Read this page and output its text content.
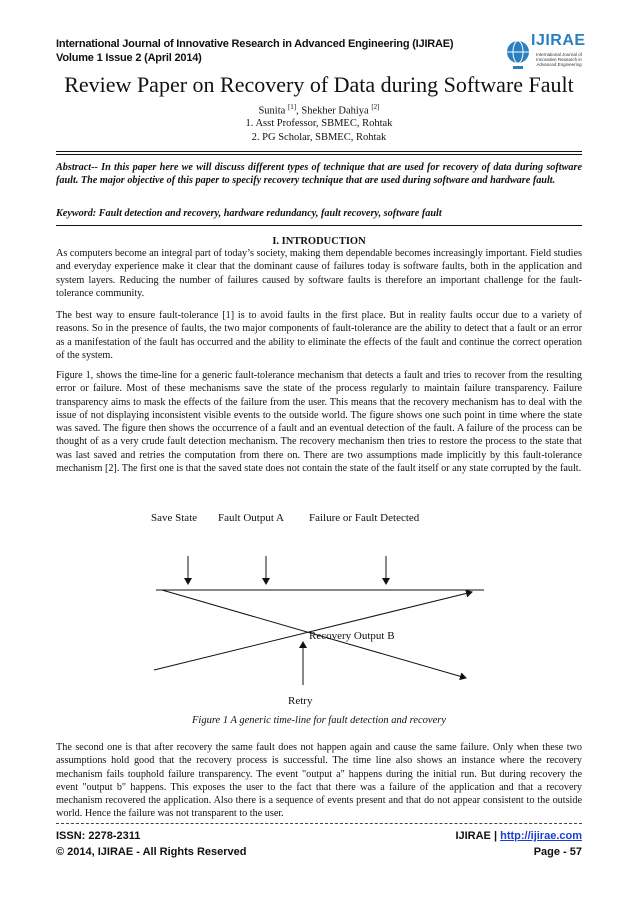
International Journal of Innovative Research in Advanced Engineering (IJIRAE)
Volume 1 Issue 2 (April 2014)
IJIRAE
International Journal of Innovative Research in Advanced Engineering
Review Paper on Recovery of Data during Software Fault
Sunita [1], Shekher Dahiya [2]
1. Asst Professor, SBMEC, Rohtak
2. PG Scholar, SBMEC, Rohtak
Abstract-- In this paper here we will discuss different types of technique that are used for recovery of data during software fault. The major objective of this paper to specify recovery technique that are used during software and hardware fault.
Keyword: Fault detection and recovery, hardware redundancy, fault recovery, software fault
I. INTRODUCTION
As computers become an integral part of today’s society, making them dependable becomes increasingly important. Field studies and everyday experience make it clear that the dominant cause of failures today is software faults, both in the application and system layers. Reducing the number of failures caused by software faults is therefore an important challenge for the fault-tolerance community.
The best way to ensure fault-tolerance [1] is to avoid faults in the first place. But in reality faults occur due to a variety of reasons. So in the presence of faults, the two major components of fault-tolerance are the ability to detect that a fault or an error as a manifestation of the fault has occurred and the ability to eliminate the effects of the fault and continue the correct operation of the system.
Figure 1, shows the time-line for a generic fault-tolerance mechanism that detects a fault and tries to recover from the resulting error or failure. Most of these mechanisms save the state of the process regularly to maintain failure transparency. Failure transparency aims to mask the effects of the failure from the user. This means that the recovery mechanism has to deal with the issue of not displaying inconsistent visible events to the outside world. The figure shows one such point in time where the state was saved. The figure then shows the occurrence of a fault and an eventual detection of the fault. A failure of the process can be thought of as a very crude fault detection mechanism. The recovery mechanism then tries to restore the process to the state that was last saved and retries the computation from there on. There are two assumptions made implicitly by this fault-tolerance mechanism [2]. The first one is that the saved state does not contain the state of the fault itself or any state corrupted by the fault.
Save State Fault Output A Failure or Fault Detected
Recovery Output B
Retry
Figure 1 A generic time-line for fault detection and recovery
The second one is that after recovery the same fault does not happen again and cause the same failure. Only when these two assumptions hold good that the recovery process is successful. The time line also shows an instance where the recovery mechanism fails touphold failure transparency. The event "output a" happens during the initial run. But during recovery the event "output b" happens. This exposes the user to the fact that there was a failure of the application and that a recovery mechanism recovered the application. Also there is a sequence of events present and that do not appear consistent to the outside world. Hence the failure was not transparent to the user.
ISSN: 2278-2311
© 2014, IJIRAE - All Rights Reserved
IJIRAE | http://ijirae.com
Page - 57
